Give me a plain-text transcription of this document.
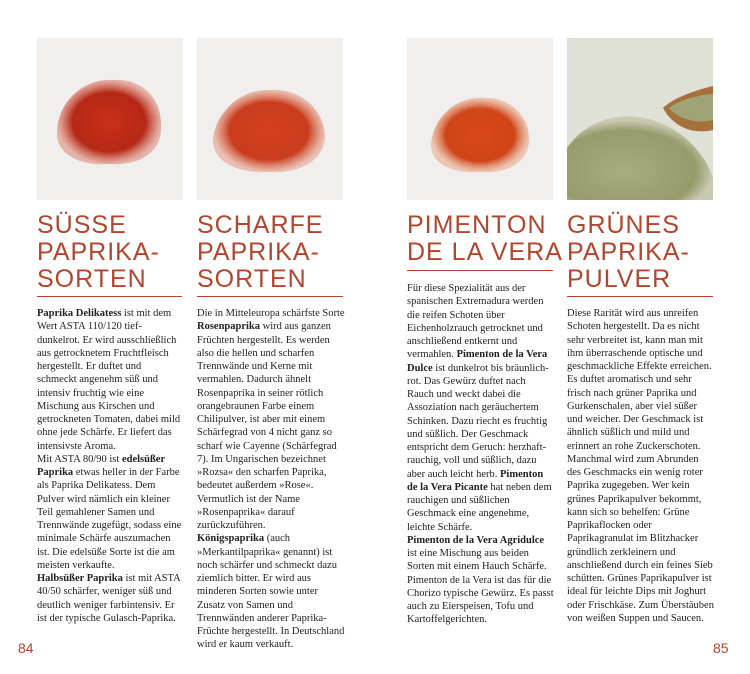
SÜSSE
PAPRIKA-
SORTEN

Paprika Delikatess ist mit dem Wert ASTA 110/120 tief-dunkelrot. Er wird ausschließlich aus getrocknetem Fruchtfleisch hergestellt. Er duftet und schmeckt angenehm süß und intensiv fruchtig wie eine Mischung aus Kirschen und getrockneten Tomaten, dabei mild ohne jede Schärfe. Er liefert das intensivste Aroma.

Mit ASTA 80/90 ist edelsüßer Paprika etwas heller in der Farbe als Paprika Delikatess. Dem Pulver wird nämlich ein kleiner Teil gemahlener Samen und Trennwände zugefügt, sodass eine minimale Schärfe auszumachen ist. Die edelsüße Sorte ist die am meisten verkaufte.

Halbsüßer Paprika ist mit ASTA 40/50 schärfer, weniger süß und deutlich weniger farbintensiv. Er ist der typische Gulasch-Paprika.

SCHARFE
PAPRIKA-
SORTEN

Die in Mitteleuropa schärfste Sorte Rosenpaprika wird aus ganzen Früchten hergestellt. Es werden also die hellen und scharfen Trennwände und Kerne mit vermahlen. Dadurch ähnelt Rosenpaprika in seiner rötlich orangebraunen Farbe einem Chilipulver, ist aber mit einem Schärfegrad von 4 nicht ganz so scharf wie Cayenne (Schärfegrad 7). Im Ungarischen bezeichnet »Rozsa« den scharfen Paprika, bedeutet außerdem »Rose«. Vermutlich ist der Name »Rosenpaprika« darauf zurückzuführen.

Königspaprika (auch »Merkantilpaprika« genannt) ist noch schärfer und schmeckt dazu ziemlich bitter. Er wird aus minderen Sorten sowie unter Zusatz von Samen und Trennwänden anderer Paprika-Früchte hergestellt. In Deutschland wird er kaum verkauft.

PIMENTON
DE LA VERA

Für diese Spezialität aus der spanischen Extremadura werden die reifen Schoten über Eichenholzrauch getrocknet und anschließend entkernt und vermahlen. Pimenton de la Vera Dulce ist dunkelrot bis bräunlich-rot. Das Gewürz duftet nach Rauch und weckt dabei die Assoziation nach geräuchertem Schinken. Dazu riecht es fruchtig und süßlich. Der Geschmack entspricht dem Geruch: herzhaft-rauchig, voll und süßlich, dazu aber auch leicht herb. Pimenton de la Vera Picante hat neben dem rauchigen und süßlichen Geschmack eine angenehme, leichte Schärfe.

Pimenton de la Vera Agridulce ist eine Mischung aus beiden Sorten mit einem Hauch Schärfe. Pimenton de la Vera ist das für die Chorizo typische Gewürz. Es passt auch zu Eierspeisen, Tofu und Kartoffelgerichten.

GRÜNES
PAPRIKA-
PULVER

Diese Rarität wird aus unreifen Schoten hergestellt. Da es nicht sehr verbreitet ist, kann man mit ihm überraschende optische und geschmackliche Effekte erreichen. Es duftet aromatisch und sehr frisch nach grüner Paprika und Gurkenschalen, aber viel süßer und weicher. Der Geschmack ist ähnlich süßlich und mild und erinnert an rohe Zuckerschoten. Manchmal wird zum Abrunden des Geschmacks ein wenig roter Paprika zugegeben. Wer kein grünes Paprikapulver bekommt, kann sich so behelfen: Grüne Paprikaflocken oder Paprikagranulat im Blitzhacker gründlich zerkleinern und anschließend durch ein feines Sieb schütten. Grünes Paprikapulver ist ideal für leichte Dips mit Joghurt oder Frischkäse. Zum Überstäuben von weißen Suppen und Saucen.

84	85
